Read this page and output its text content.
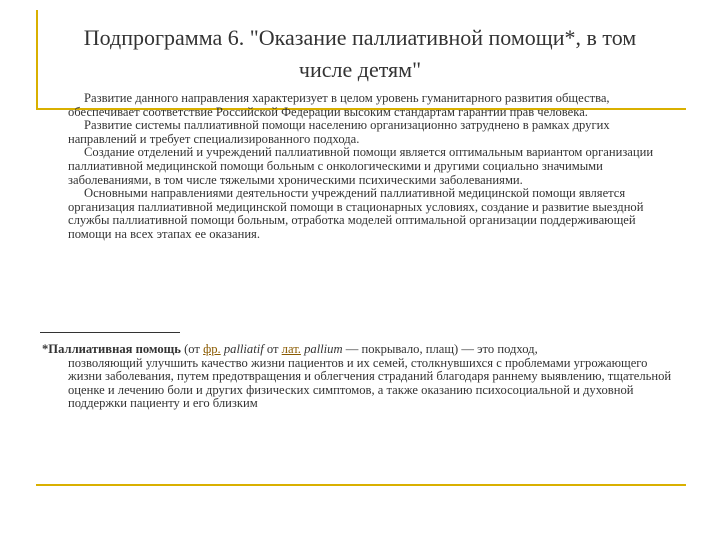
Подпрограмма 6. "Оказание паллиативной помощи*, в том
числе детям"

Развитие данного направления характеризует в целом уровень гуманитарного развития общества, обеспечивает соответствие Российской Федерации высоким стандартам гарантии прав человека.

Развитие системы паллиативной помощи населению организационно затруднено в рамках других направлений и требует специализированного подхода.

Создание отделений и учреждений паллиативной помощи является оптимальным вариантом организации паллиативной медицинской помощи больным с онкологическими и другими социально значимыми заболеваниями, в том числе тяжелыми хроническими психическими заболеваниями.

Основными направлениями деятельности учреждений паллиативной медицинской помощи является организация паллиативной медицинской помощи в стационарных условиях, создание и развитие выездной службы паллиативной помощи больным, отработка моделей оптимальной организации поддерживающей помощи на всех этапах ее оказания.

*Паллиативная помощь (от фр. palliatif от лат. pallium — покрывало, плащ) — это подход,
позволяющий улучшить качество жизни пациентов и их семей, столкнувшихся с проблемами угрожающего жизни заболевания, путем предотвращения и облегчения страданий благодаря раннему выявлению, тщательной оценке и лечению боли и других физических симптомов, а также оказанию психосоциальной и духовной поддержки пациенту и его близким
